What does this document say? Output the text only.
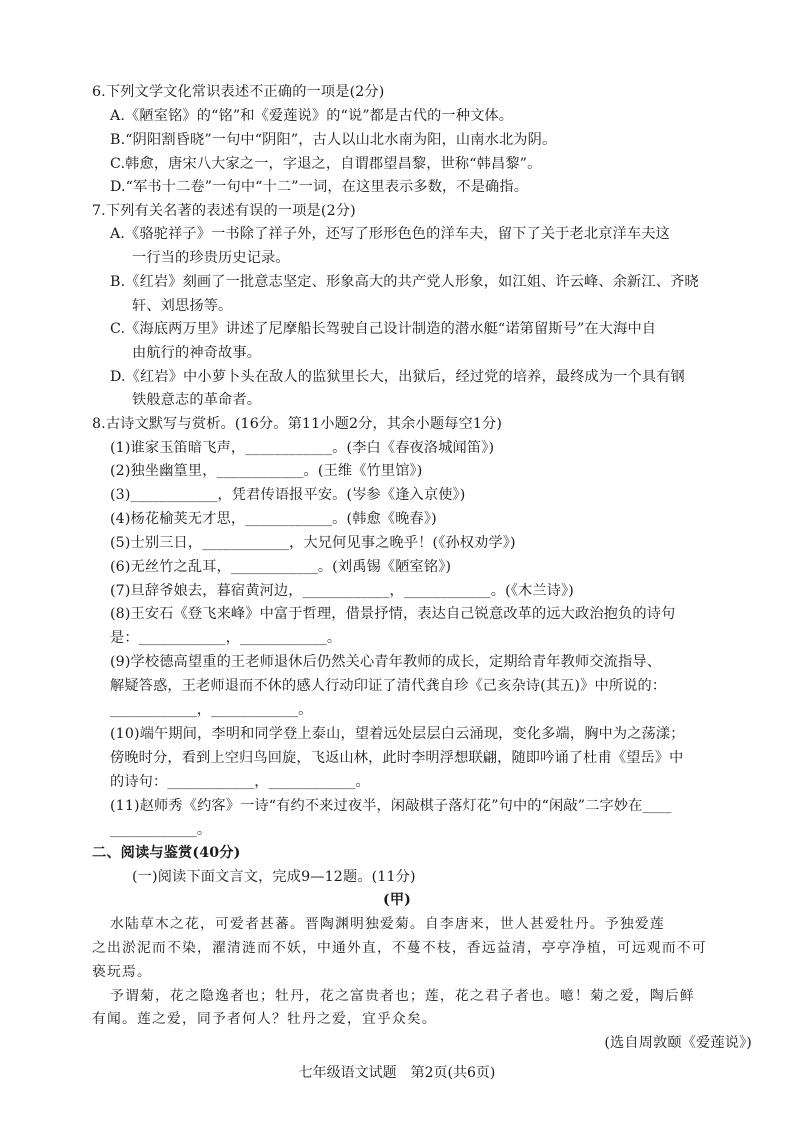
6.下列文学文化常识表述不正确的一项是(2分)
A.《陋室铭》的“铭”和《爱莲说》的“说”都是古代的一种文体。
B.“阴阳割昏晓”一句中“阴阳”，古人以山北水南为阳，山南水北为阴。
C.韩愈，唐宋八大家之一，字退之，自谓郡望昌黎，世称“韩昌黎”。
D.“军书十二卷”一句中“十二”一词，在这里表示多数，不是确指。
7.下列有关名著的表述有误的一项是(2分)
A.《骆驼祥子》一书除了祥子外，还写了形形色色的洋车夫，留下了关于老北京洋车夫这
一行当的珍贵历史记录。
B.《红岩》刻画了一批意志坚定、形象高大的共产党人形象，如江姐、许云峰、余新江、齐晓
轩、刘思扬等。
C.《海底两万里》讲述了尼摩船长驾驶自己设计制造的潜水艇“诺第留斯号”在大海中自
由航行的神奇故事。
D.《红岩》中小萝卜头在敌人的监狱里长大，出狱后，经过党的培养，最终成为一个具有钢
铁般意志的革命者。
8.古诗文默写与赏析。(16分。第11小题2分，其余小题每空1分)
(1)谁家玉笛暗飞声，____________。(李白《春夜洛城闻笛》)
(2)独坐幽篁里，____________。(王维《竹里馆》)
(3)____________，凭君传语报平安。(岑参《逢入京使》)
(4)杨花榆荚无才思，____________。(韩愈《晚春》)
(5)士别三日，____________，大兄何见事之晚乎！(《孙权劝学》)
(6)无丝竹之乱耳，____________。(刘禹锡《陋室铭》)
(7)旦辞爷娘去，暮宿黄河边，____________，____________。(《木兰诗》)
(8)王安石《登飞来峰》中富于哲理，借景抒情，表达自己锐意改革的远大政治抱负的诗句
是：____________，____________。
(9)学校德高望重的王老师退休后仍然关心青年教师的成长，定期给青年教师交流指导、
解疑答惑，王老师退而不休的感人行动印证了清代龚自珍《己亥杂诗(其五)》中所说的：
____________，____________。
(10)端午期间，李明和同学登上泰山，望着远处层层白云涌现，变化多端，胸中为之荡漾；
傍晚时分，看到上空归鸟回旋，飞返山林，此时李明浮想联翩，随即吟诵了杜甫《望岳》中
的诗句：____________，____________。
(11)赵师秀《约客》一诗“有约不来过夜半，闲敲棋子落灯花”句中的“闲敲”二字妙在____
____________。
二、阅读与鉴赏(40分)
(一)阅读下面文言文，完成9—12题。(11分)
(甲)
水陆草木之花，可爱者甚蕃。晋陶渊明独爱菊。自李唐来，世人甚爱牡丹。予独爱莲
之出淤泥而不染，濯清涟而不妖，中通外直，不蔓不枝，香远益清，亭亭净植，可远观而不可
亵玩焉。
予谓菊，花之隐逸者也；牡丹，花之富贵者也；莲，花之君子者也。噫！菊之爱，陶后鲜
有闻。莲之爱，同予者何人？牡丹之爱，宜乎众矣。
(选自周敦颐《爱莲说》)
七年级语文试题　第2页(共6页)
